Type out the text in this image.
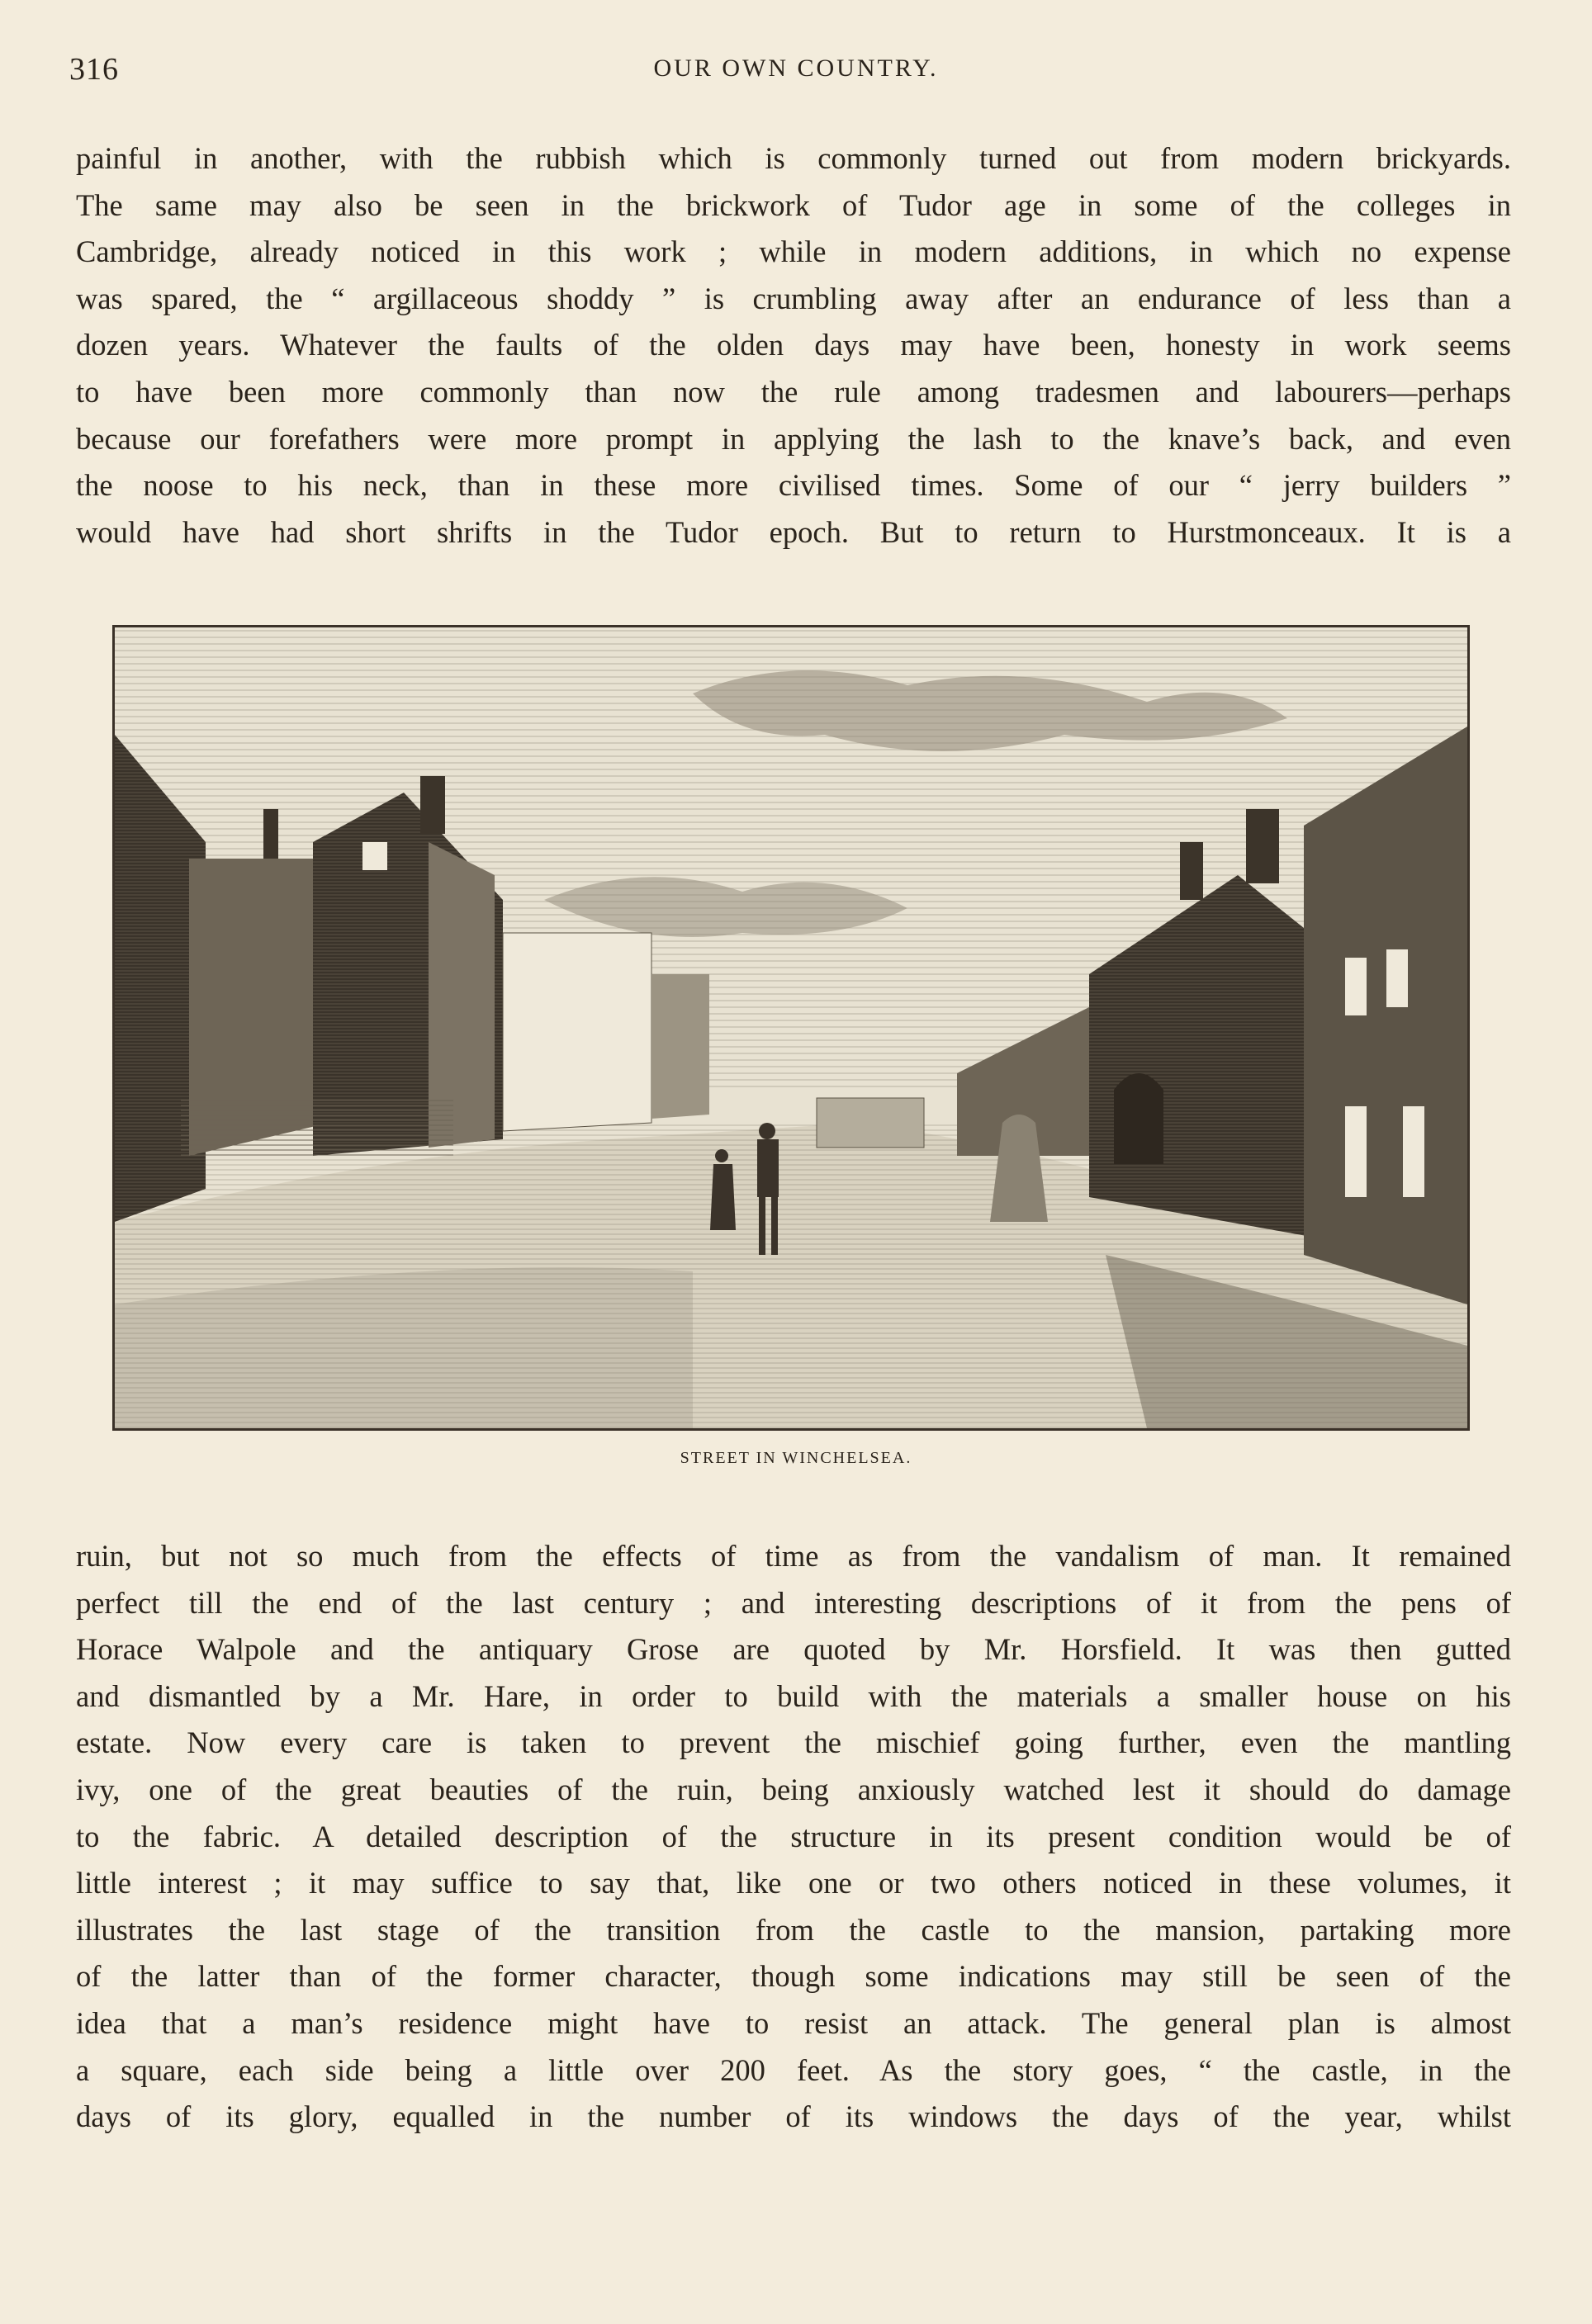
316	OUR OWN COUNTRY.
painful in another, with the rubbish which is commonly turned out from modern brickyards.
The same may also be seen in the brickwork of Tudor age in some of the colleges in
Cambridge, already noticed in this work ; while in modern additions, in which no expense
was spared, the “ argillaceous shoddy ” is crumbling away after an endurance of less than a
dozen years. Whatever the faults of the olden days may have been, honesty in work seems
to have been more commonly than now the rule among tradesmen and labourers—perhaps
because our forefathers were more prompt in applying the lash to the knave’s back, and even
the noose to his neck, than in these more civilised times. Some of our “ jerry builders ”
would have had short shrifts in the Tudor epoch. But to return to Hurstmonceaux. It is a
STREET IN WINCHELSEA.
ruin, but not so much from the effects of time as from the vandalism of man. It remained
perfect till the end of the last century ; and interesting descriptions of it from the pens of
Horace Walpole and the antiquary Grose are quoted by Mr. Horsfield. It was then gutted
and dismantled by a Mr. Hare, in order to build with the materials a smaller house on his
estate. Now every care is taken to prevent the mischief going further, even the mantling
ivy, one of the great beauties of the ruin, being anxiously watched lest it should do damage
to the fabric. A detailed description of the structure in its present condition would be of
little interest ; it may suffice to say that, like one or two others noticed in these volumes, it
illustrates the last stage of the transition from the castle to the mansion, partaking more
of the latter than of the former character, though some indications may still be seen of the
idea that a man’s residence might have to resist an attack. The general plan is almost
a square, each side being a little over 200 feet. As the story goes, “ the castle, in the
days of its glory, equalled in the number of its windows the days of the year, whilst
